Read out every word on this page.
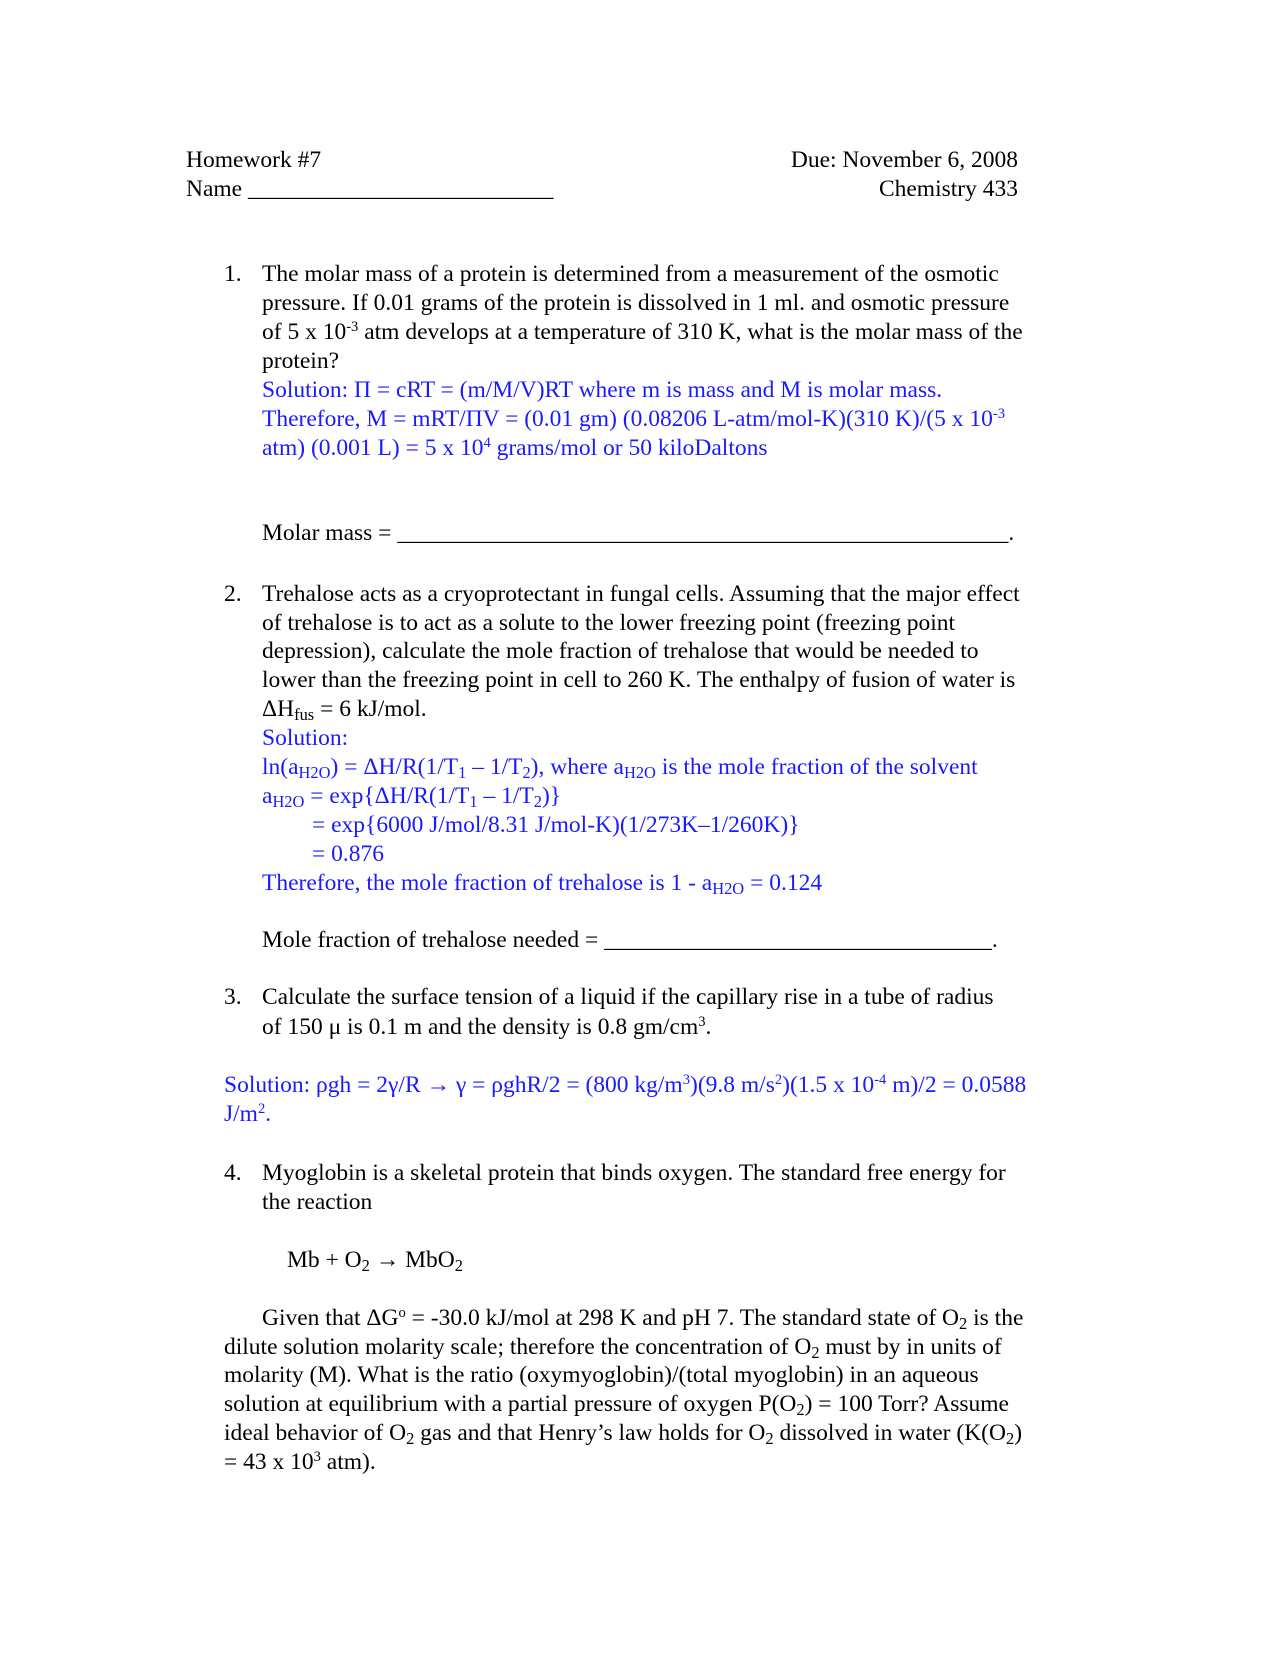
Homework #7	Due: November 6, 2008
Name __________________________	Chemistry 433
1. The molar mass of a protein is determined from a measurement of the osmotic
pressure. If 0.01 grams of the protein is dissolved in 1 ml. and osmotic pressure
of 5 x $10^{-3}$ atm develops at a temperature of 310 K, what is the molar mass of the
protein?
Solution: Π = cRT = (m/M/V)RT where m is mass and M is molar mass.
Therefore, M = mRT/ΠV = (0.01 gm) (0.08206 L-atm/mol-K)(310 K)/(5 x $10^{-3}$
atm) (0.001 L) = 5 x $10^4$ grams/mol or 50 kiloDaltons
Molar mass = ____________________________________________________.
2. Trehalose acts as a cryoprotectant in fungal cells. Assuming that the major effect
of trehalose is to act as a solute to the lower freezing point (freezing point
depression), calculate the mole fraction of trehalose that would be needed to
lower than the freezing point in cell to 260 K. The enthalpy of fusion of water is
$\Delta H_{fus} = 6$ kJ/mol.
Solution:
$\ln(a_{H2O}) = \Delta H/R(1/T_1 - 1/T_2)$, where $a_{H2O}$ is the mole fraction of the solvent
$a_{H2O} = \exp\{\Delta H/R(1/T_1 - 1/T_2)\}$
= exp{6000 J/mol/8.31 J/mol-K)(1/273K–1/260K)}
= 0.876
Therefore, the mole fraction of trehalose is $1 - a_{H2O} = 0.124$
Mole fraction of trehalose needed = _________________________________.
3. Calculate the surface tension of a liquid if the capillary rise in a tube of radius
of 150 μ is 0.1 m and the density is 0.8 $gm/cm^3$.
Solution: ρgh = 2γ/R → γ = ρghR/2 = (800 $kg/m^3)(9.8$ $m/s^2)(1.5$ x $10^{-4}$ m)/2 = 0.0588
$J/m^2$.
4. Myoglobin is a skeletal protein that binds oxygen. The standard free energy for
the reaction
$Mb + O_2 \to MbO_2$
Given that $\Delta G^o = -30.0$ kJ/mol at 298 K and pH 7. The standard state of $O_2$ is the
dilute solution molarity scale; therefore the concentration of $O_2$ must by in units of
molarity (M). What is the ratio (oxymyoglobin)/(total myoglobin) in an aqueous
solution at equilibrium with a partial pressure of oxygen $P(O_2) = 100$ Torr? Assume
ideal behavior of $O_2$ gas and that Henry’s law holds for $O_2$ dissolved in water ($K(O_2)$
= 43 x $10^3$ atm).
